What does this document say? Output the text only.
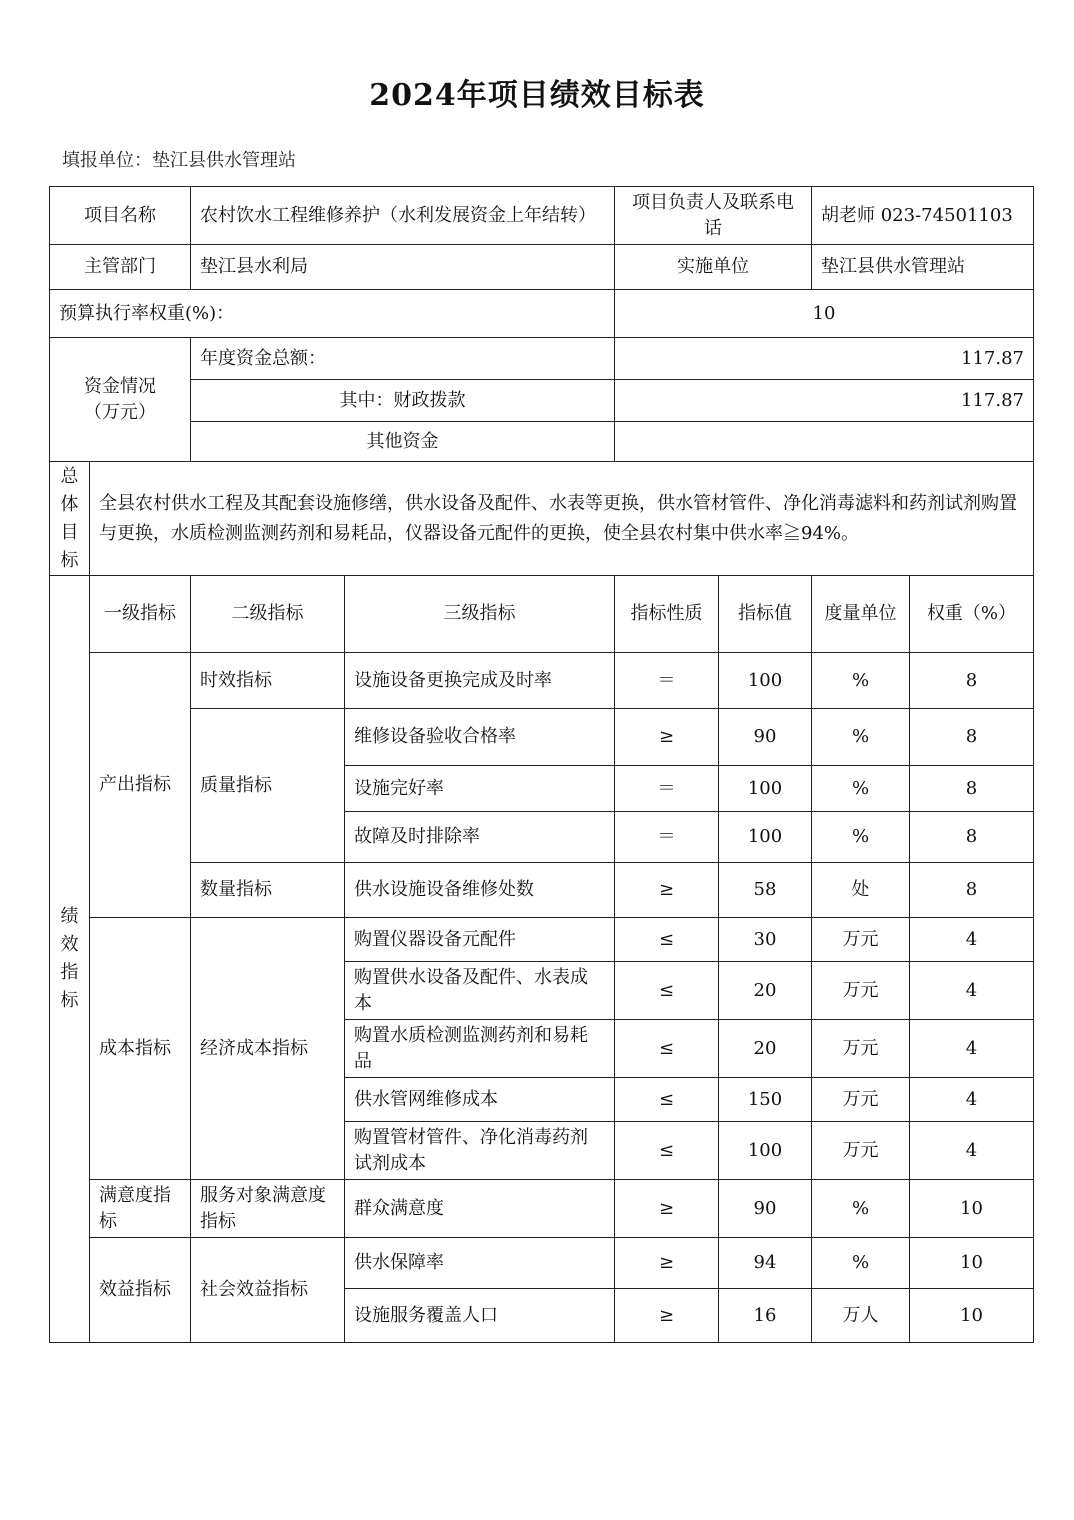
2024年项目绩效目标表
填报单位：垫江县供水管理站
项目名称		农村饮水工程维修养护（水利发展资金上年结转）		项目负责人及联系电话		胡老师 023-74501103	
主管部门		垫江县水利局		实施单位		垫江县供水管理站	
预算执行率权重(%)：				10			
资金情况（万元）		年度资金总额：		117.87			
		其中：财政拨款		117.87			
		其他资金					

总
体
目
标	全县农村供水工程及其配套设施修缮，供水设备及配件、水表等更换，供水管材管件、净化消毒滤料和药剂试剂购置与更换，水质检测监测药剂和易耗品，仪器设备元配件的更换，使全县农村集中供水率≧94%。						

绩
效
指
标	一级指标	二级指标	三级指标	指标性质	指标值	度量单位	权重（%）
	产出指标	时效指标	设施设备更换完成及时率	＝	100	%	8
		质量指标	维修设备验收合格率	≥	90	%	8
			设施完好率	＝	100	%	8
			故障及时排除率	＝	100	%	8
		数量指标	供水设施设备维修处数	≥	58	处	8
	成本指标	经济成本指标	购置仪器设备元配件	≤	30	万元	4
			购置供水设备及配件、水表成本	≤	20	万元	4
			购置水质检测监测药剂和易耗品	≤	20	万元	4
			供水管网维修成本	≤	150	万元	4
			购置管材管件、净化消毒药剂试剂成本	≤	100	万元	4
	满意度指标	服务对象满意度指标	群众满意度	≥	90	%	10
	效益指标	社会效益指标	供水保障率	≥	94	%	10
			设施服务覆盖人口	≥	16	万人	10
